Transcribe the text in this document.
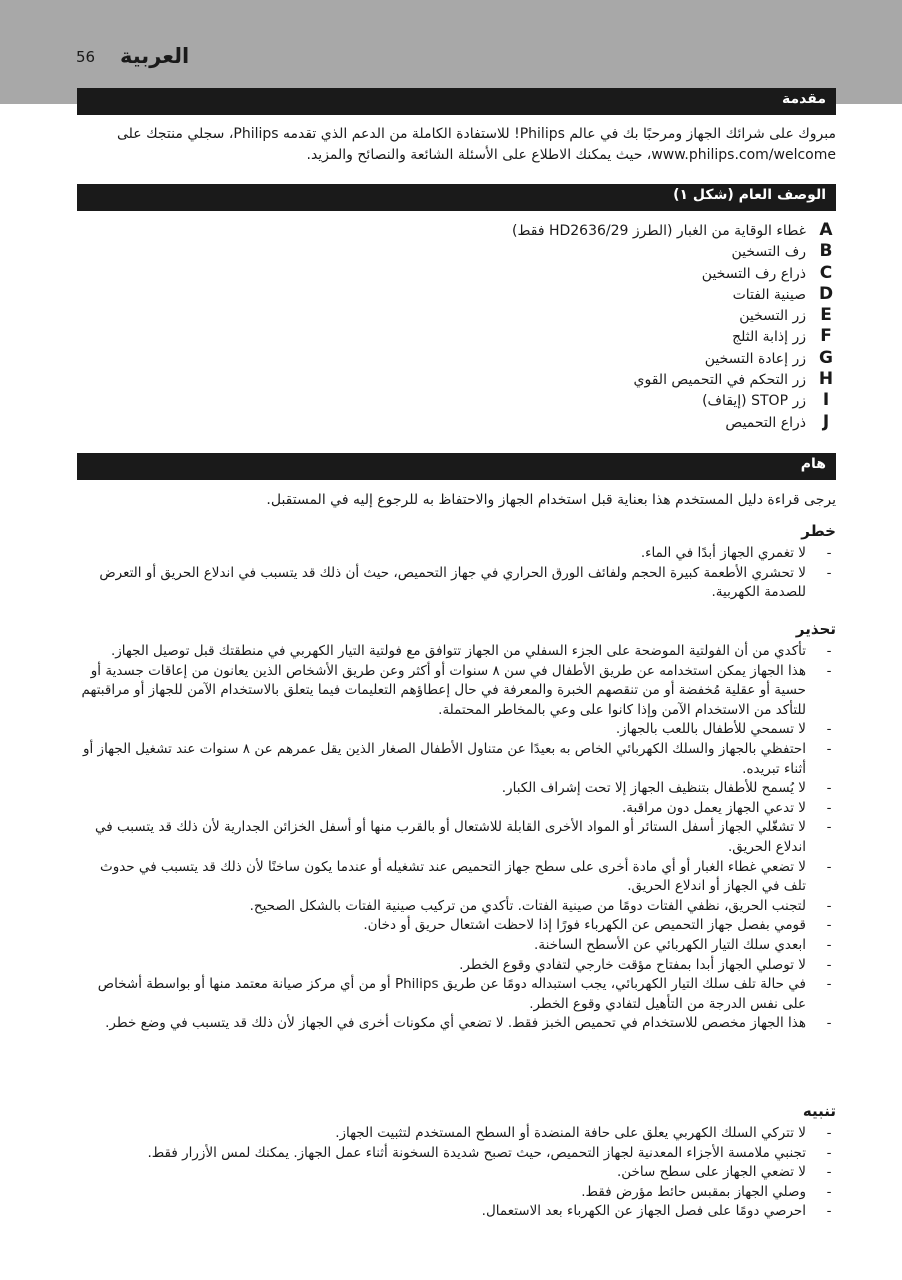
56 العربية
مقدمة
مبروك على شرائك الجهاز ومرحبًا بك في عالم Philips! للاستفادة الكاملة من الدعم الذي تقدمه Philips، سجلي منتجك على www.philips.com/welcome، حيث يمكنك الاطلاع على الأسئلة الشائعة والنصائح والمزيد.
الوصف العام (شكل ١)
A
غطاء الوقاية من الغبار (الطرز HD2636/29 فقط)
B
رف التسخين
C
ذراع رف التسخين
D
صينية الفتات
E
زر التسخين
F
زر إذابة الثلج
G
زر إعادة التسخين
H
زر التحكم في التحميص القوي
I
زر STOP (إيقاف)
J
ذراع التحميص
هام
يرجى قراءة دليل المستخدم هذا بعناية قبل استخدام الجهاز والاحتفاظ به للرجوع إليه في المستقبل.
خطر
-
لا تغمري الجهاز أبدًا في الماء.
-
لا تحشري الأطعمة كبيرة الحجم ولفائف الورق الحراري في جهاز التحميص، حيث أن ذلك قد يتسبب في اندلاع الحريق أو التعرض للصدمة الكهربية.
تحذير
-
تأكدي من أن الفولتية الموضحة على الجزء السفلي من الجهاز تتوافق مع فولتية التيار الكهربي في منطقتك قبل توصيل الجهاز.
-
هذا الجهاز يمكن استخدامه عن طريق الأطفال في سن ٨ سنوات أو أكثر وعن طريق الأشخاص الذين يعانون من إعاقات جسدية أو حسية أو عقلية مُخفضة أو من تنقصهم الخبرة والمعرفة في حال إعطاؤهم التعليمات فيما يتعلق بالاستخدام الآمن للجهاز أو مراقبتهم للتأكد من الاستخدام الآمن وإذا كانوا على وعي بالمخاطر المحتملة.
-
لا تسمحي للأطفال باللعب بالجهاز.
-
احتفظي بالجهاز والسلك الكهربائي الخاص به بعيدًا عن متناول الأطفال الصغار الذين يقل عمرهم عن ٨ سنوات عند تشغيل الجهاز أو أثناء تبريده.
-
لا يُسمح للأطفال بتنظيف الجهاز إلا تحت إشراف الكبار.
-
لا تدعي الجهاز يعمل دون مراقبة.
-
لا تشغّلي الجهاز أسفل الستائر أو المواد الأخرى القابلة للاشتعال أو بالقرب منها أو أسفل الخزائن الجدارية لأن ذلك قد يتسبب في اندلاع الحريق.
-
لا تضعي غطاء الغبار أو أي مادة أخرى على سطح جهاز التحميص عند تشغيله أو عندما يكون ساخنًا لأن ذلك قد يتسبب في حدوث تلف في الجهاز أو اندلاع الحريق.
-
لتجنب الحريق، نظفي الفتات دومًا من صينية الفتات. تأكدي من تركيب صينية الفتات بالشكل الصحيح.
-
قومي بفصل جهاز التحميص عن الكهرباء فورًا إذا لاحظت اشتعال حريق أو دخان.
-
ابعدي سلك التيار الكهربائي عن الأسطح الساخنة.
-
لا توصلي الجهاز أبدا بمفتاح مؤقت خارجي لتفادي وقوع الخطر.
-
في حالة تلف سلك التيار الكهربائي، يجب استبداله دومًا عن طريق Philips أو من أي مركز صيانة معتمد منها أو بواسطة أشخاص على نفس الدرجة من التأهيل لتفادي وقوع الخطر.
-
هذا الجهاز مخصص للاستخدام في تحميص الخبز فقط. لا تضعي أي مكونات أخرى في الجهاز لأن ذلك قد يتسبب في وضع خطر.
تنبيه
-
لا تتركي السلك الكهربي يعلق على حافة المنضدة أو السطح المستخدم لتثبيت الجهاز.
-
تجنبي ملامسة الأجزاء المعدنية لجهاز التحميص، حيث تصبح شديدة السخونة أثناء عمل الجهاز. يمكنك لمس الأزرار فقط.
-
لا تضعي الجهاز على سطح ساخن.
-
وصلي الجهاز بمقبس حائط مؤرض فقط.
-
احرصي دومًا على فصل الجهاز عن الكهرباء بعد الاستعمال.
